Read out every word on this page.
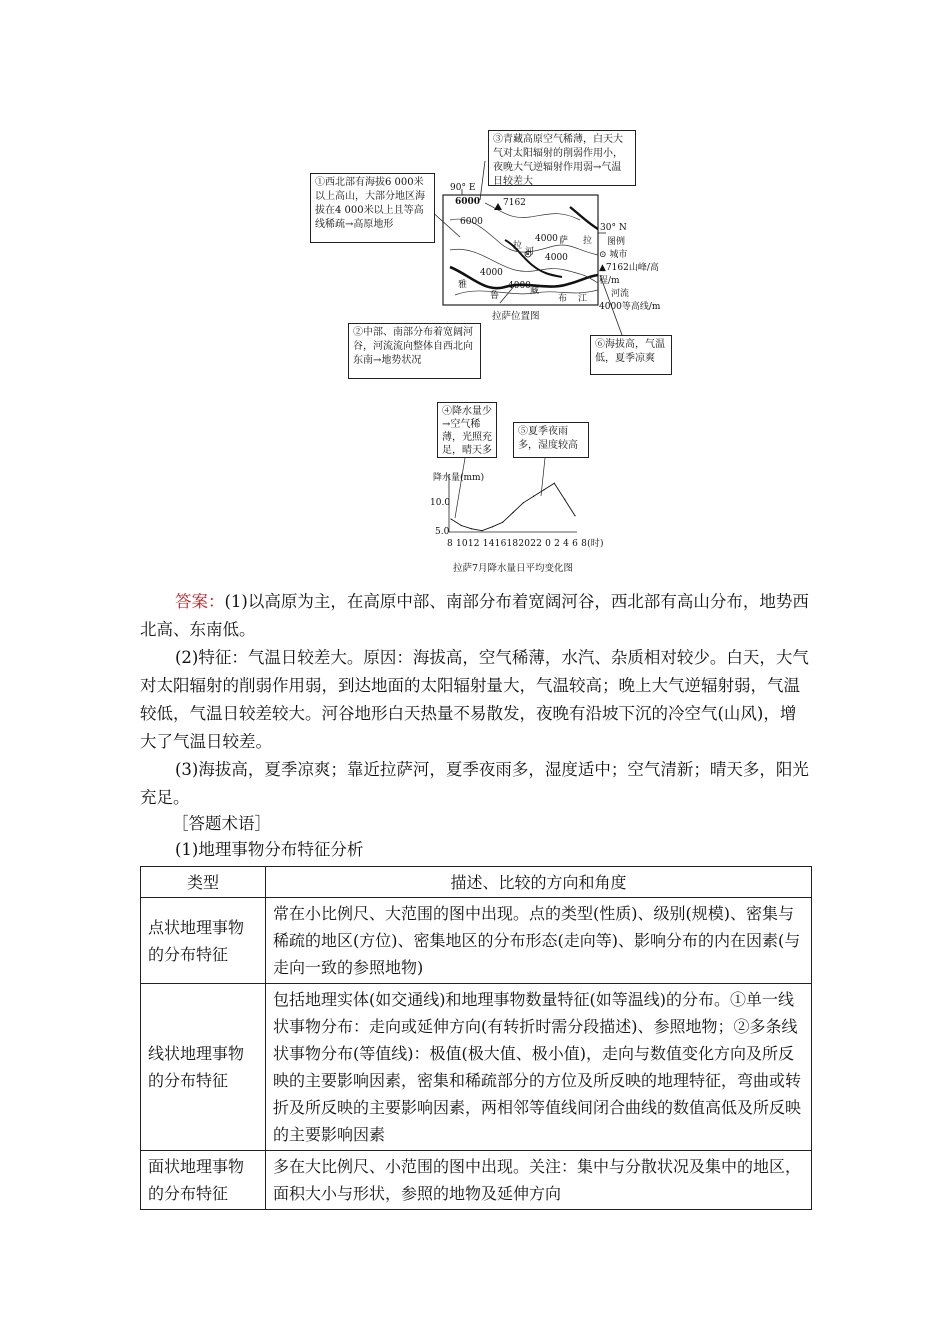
①西北部有海拔6 000米以上高山，大部分地区海拔在4 000米以上且等高线稀疏→高原地形
③青藏高原空气稀薄，白天大气对太阳辐射的削弱作用小，夜晚大气逆辐射作用弱→气温日较差大
②中部、南部分布着宽阔河谷，河流流向整体自西北向东南→地势状况
⑥海拔高，气温低，夏季凉爽
90° E
6000
6000
7162
30° N
4000
4000
4000
4000
拉	萨
河
拉
雅
鲁	藏
布 江
图例
⊙ 城市
▲7162山峰/高程/m
河流
4000等高线/m
拉萨位置图
④降水量少→空气稀薄，光照充足，晴天多
⑤夏季夜雨多，湿度较高
降水量(mm)
10.0
5.0
8 1012 1416182022 0 2 4 6 8(时)
拉萨7月降水量日平均变化图
答案：(1)以高原为主，在高原中部、南部分布着宽阔河谷，西北部有高山分布，地势西北高、东南低。
(2)特征：气温日较差大。原因：海拔高，空气稀薄，水汽、杂质相对较少。白天，大气对太阳辐射的削弱作用弱，到达地面的太阳辐射量大，气温较高；晚上大气逆辐射弱，气温较低，气温日较差较大。河谷地形白天热量不易散发，夜晚有沿坡下沉的冷空气(山风)，增大了气温日较差。
(3)海拔高，夏季凉爽；靠近拉萨河，夏季夜雨多，湿度适中；空气清新；晴天多，阳光充足。
［答题术语］
(1)地理事物分布特征分析
类型	描述、比较的方向和角度
点状地理事物的分布特征	常在小比例尺、大范围的图中出现。点的类型(性质)、级别(规模)、密集与稀疏的地区(方位)、密集地区的分布形态(走向等)、影响分布的内在因素(与走向一致的参照地物)
线状地理事物的分布特征	包括地理实体(如交通线)和地理事物数量特征(如等温线)的分布。①单一线状事物分布：走向或延伸方向(有转折时需分段描述)、参照地物；②多条线状事物分布(等值线)：极值(极大值、极小值)，走向与数值变化方向及所反映的主要影响因素，密集和稀疏部分的方位及所反映的地理特征，弯曲或转折及所反映的主要影响因素，两相邻等值线间闭合曲线的数值高低及所反映的主要影响因素
面状地理事物的分布特征	多在大比例尺、小范围的图中出现。关注：集中与分散状况及集中的地区，面积大小与形状，参照的地物及延伸方向
